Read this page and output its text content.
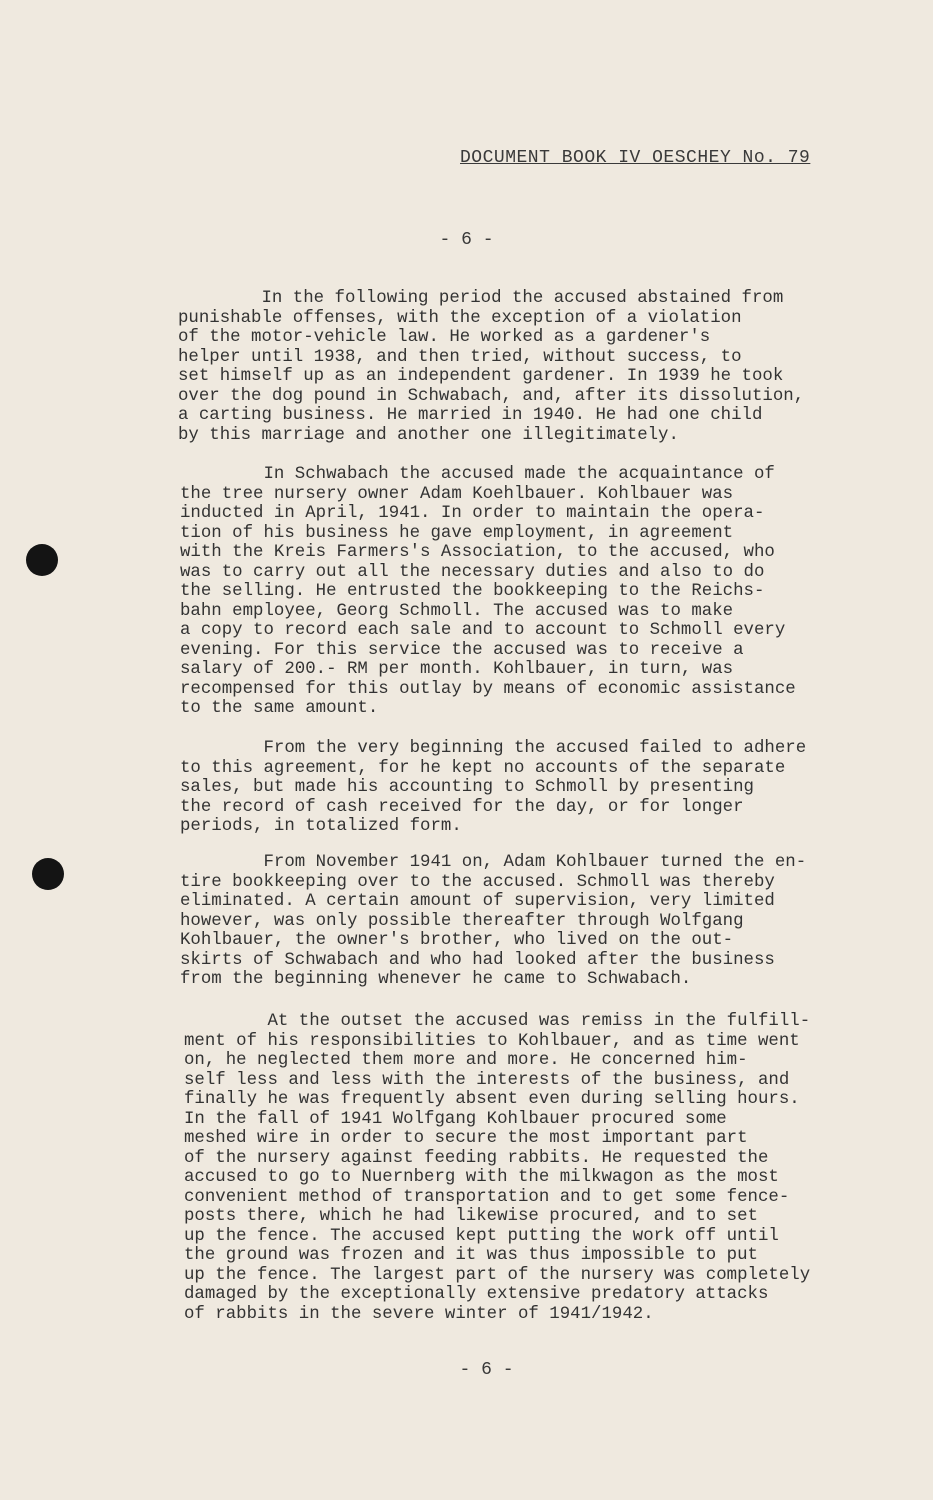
DOCUMENT BOOK IV OESCHEY No. 79
- 6 -
In the following period the accused abstained from
punishable offenses, with the exception of a violation
of the motor-vehicle law. He worked as a gardener's
helper until 1938, and then tried, without success, to
set himself up as an independent gardener. In 1939 he took
over the dog pound in Schwabach, and, after its dissolution,
a carting business. He married in 1940. He had one child
by this marriage and another one illegitimately.
In Schwabach the accused made the acquaintance of
the tree nursery owner Adam Koehlbauer. Kohlbauer was
inducted in April, 1941. In order to maintain the opera-
tion of his business he gave employment, in agreement
with the Kreis Farmers's Association, to the accused, who
was to carry out all the necessary duties and also to do
the selling. He entrusted the bookkeeping to the Reichs-
bahn employee, Georg Schmoll. The accused was to make
a copy to record each sale and to account to Schmoll every
evening. For this service the accused was to receive a
salary of 200.- RM per month. Kohlbauer, in turn, was
recompensed for this outlay by means of economic assistance
to the same amount.
From the very beginning the accused failed to adhere
to this agreement, for he kept no accounts of the separate
sales, but made his accounting to Schmoll by presenting
the record of cash received for the day, or for longer
periods, in totalized form.
From November 1941 on, Adam Kohlbauer turned the en-
tire bookkeeping over to the accused. Schmoll was thereby
eliminated. A certain amount of supervision, very limited
however, was only possible thereafter through Wolfgang
Kohlbauer, the owner's brother, who lived on the out-
skirts of Schwabach and who had looked after the business
from the beginning whenever he came to Schwabach.
At the outset the accused was remiss in the fulfill-
ment of his responsibilities to Kohlbauer, and as time went
on, he neglected them more and more. He concerned him-
self less and less with the interests of the business, and
finally he was frequently absent even during selling hours.
In the fall of 1941 Wolfgang Kohlbauer procured some
meshed wire in order to secure the most important part
of the nursery against feeding rabbits. He requested the
accused to go to Nuernberg with the milkwagon as the most
convenient method of transportation and to get some fence-
posts there, which he had likewise procured, and to set
up the fence. The accused kept putting the work off until
the ground was frozen and it was thus impossible to put
up the fence. The largest part of the nursery was completely
damaged by the exceptionally extensive predatory attacks
of rabbits in the severe winter of 1941/1942.
- 6 -
